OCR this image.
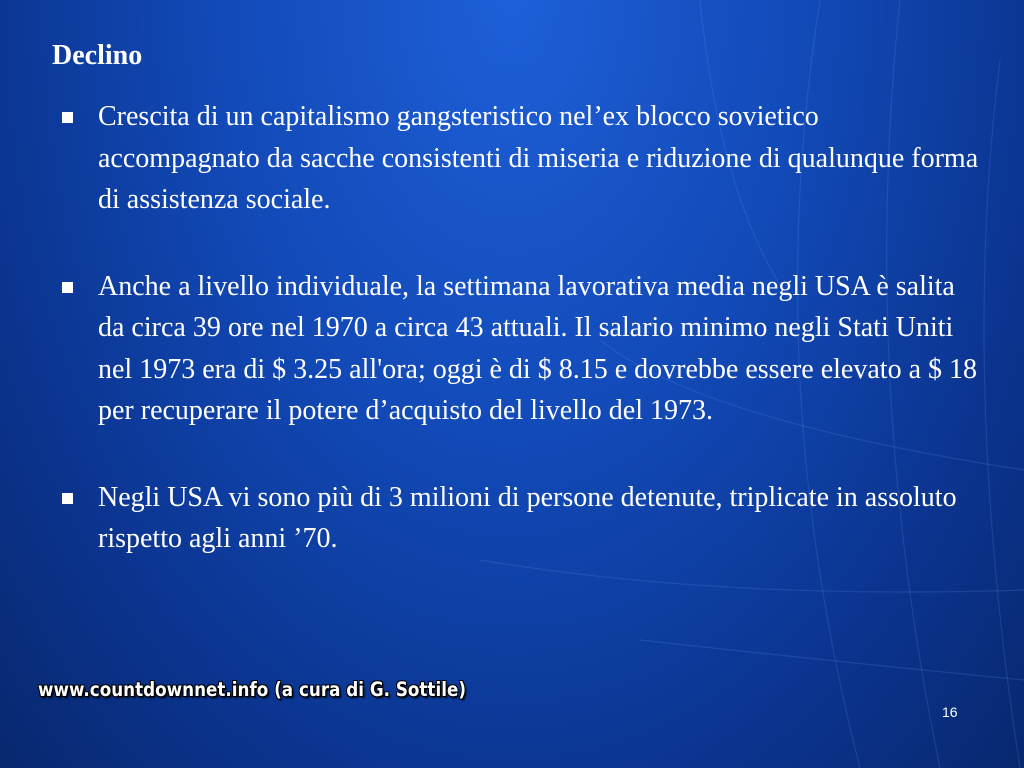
Declino
Crescita di un capitalismo gangsteristico nel’ex blocco sovietico accompagnato da sacche consistenti di miseria e riduzione di qualunque forma di assistenza sociale.
Anche a livello individuale, la settimana lavorativa media negli USA è salita da circa 39 ore nel 1970 a circa 43 attuali. Il salario minimo negli Stati Uniti nel 1973 era di $ 3.25 all'ora; oggi è di $ 8.15 e dovrebbe essere elevato a $ 18 per recuperare il potere d’acquisto del livello del 1973.
Negli USA vi sono più di 3 milioni di persone detenute, triplicate in assoluto rispetto agli anni ’70.
www.countdownnet.info (a cura di G. Sottile)
16
